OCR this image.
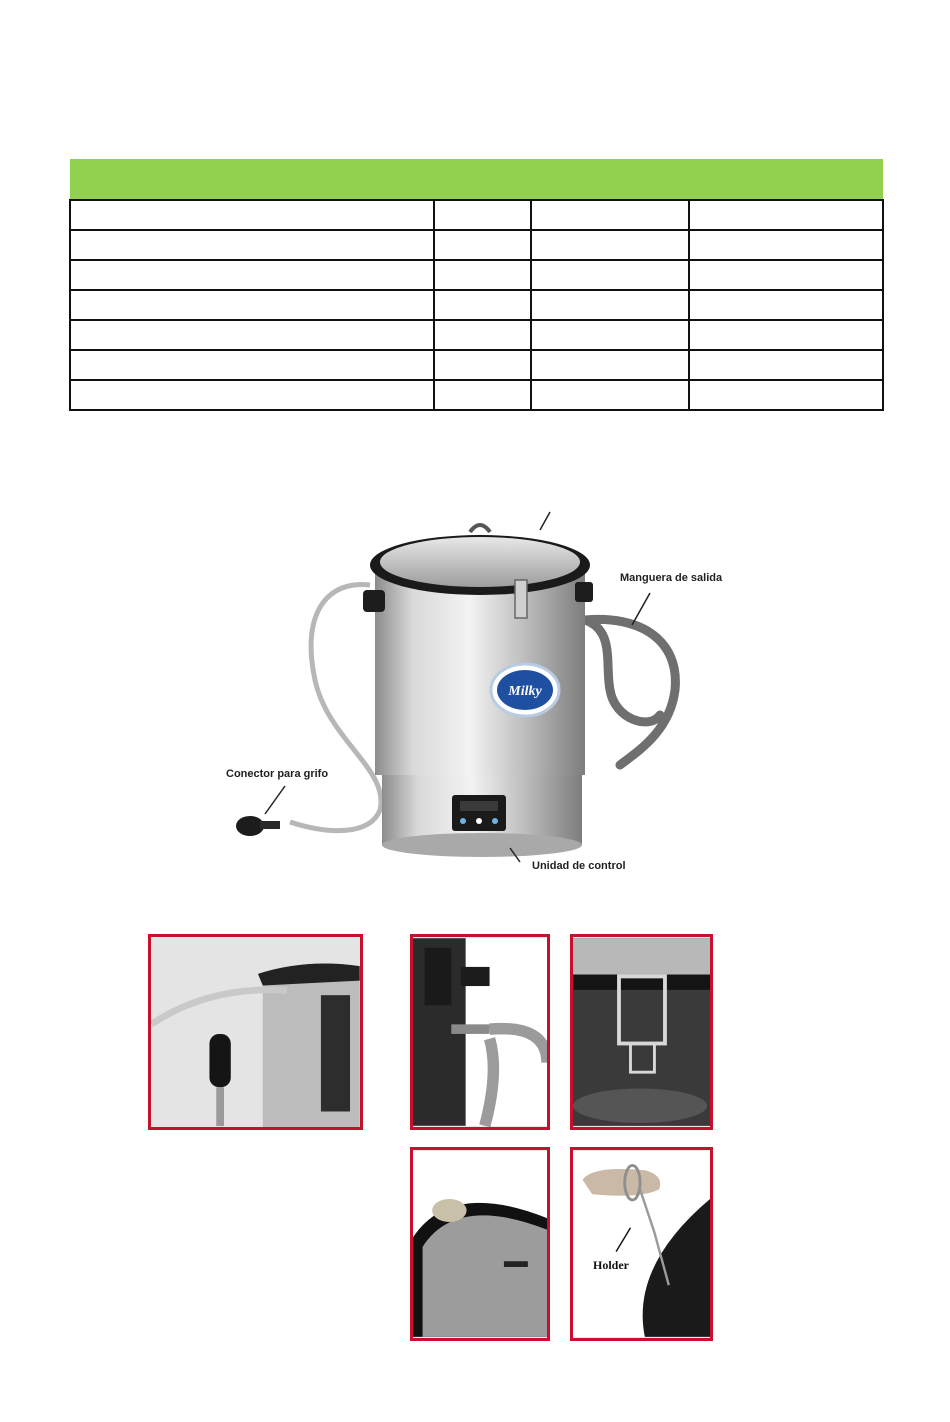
Milky
Manguera de salida
Conector para grifo
Unidad de control
Holder
